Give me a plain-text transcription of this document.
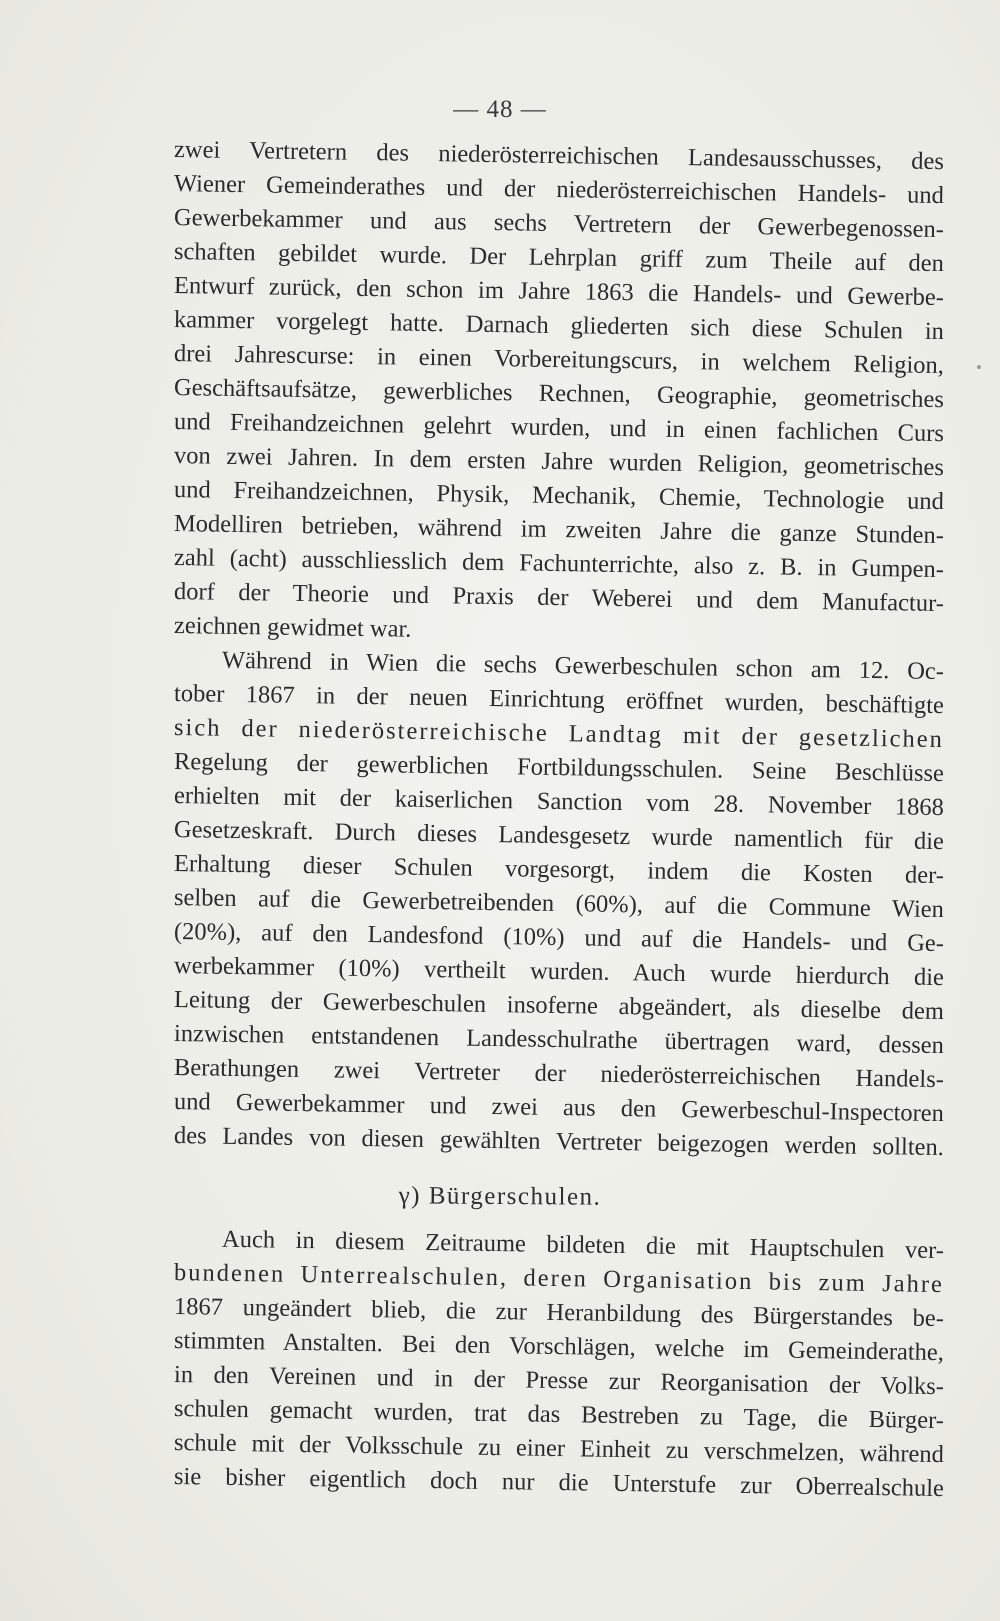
— 48 —
zwei Vertretern des niederösterreichischen Landesausschusses, des
Wiener Gemeinderathes und der niederösterreichischen Handels- und
Gewerbekammer und aus sechs Vertretern der Gewerbegenossen-
schaften gebildet wurde. Der Lehrplan griff zum Theile auf den
Entwurf zurück, den schon im Jahre 1863 die Handels- und Gewerbe-
kammer vorgelegt hatte. Darnach gliederten sich diese Schulen in
drei Jahrescurse: in einen Vorbereitungscurs, in welchem Religion,
Geschäftsaufsätze, gewerbliches Rechnen, Geographie, geometrisches
und Freihandzeichnen gelehrt wurden, und in einen fachlichen Curs
von zwei Jahren. In dem ersten Jahre wurden Religion, geometrisches
und Freihandzeichnen, Physik, Mechanik, Chemie, Technologie und
Modelliren betrieben, während im zweiten Jahre die ganze Stunden-
zahl (acht) ausschliesslich dem Fachunterrichte, also z. B. in Gumpen-
dorf der Theorie und Praxis der Weberei und dem Manufactur-
zeichnen gewidmet war.
Während in Wien die sechs Gewerbeschulen schon am 12. Oc-
tober 1867 in der neuen Einrichtung eröffnet wurden, beschäftigte
sich der niederösterreichische Landtag mit der gesetzlichen
Regelung der gewerblichen Fortbildungsschulen. Seine Beschlüsse
erhielten mit der kaiserlichen Sanction vom 28. November 1868
Gesetzeskraft. Durch dieses Landesgesetz wurde namentlich für die
Erhaltung dieser Schulen vorgesorgt, indem die Kosten der-
selben auf die Gewerbetreibenden (60%), auf die Commune Wien
(20%), auf den Landesfond (10%) und auf die Handels- und Ge-
werbekammer (10%) vertheilt wurden. Auch wurde hierdurch die
Leitung der Gewerbeschulen insoferne abgeändert, als dieselbe dem
inzwischen entstandenen Landesschulrathe übertragen ward, dessen
Berathungen zwei Vertreter der niederösterreichischen Handels-
und Gewerbekammer und zwei aus den Gewerbeschul-Inspectoren
des Landes von diesen gewählten Vertreter beigezogen werden sollten.
γ) Bürgerschulen.
Auch in diesem Zeitraume bildeten die mit Hauptschulen ver-
bundenen Unterrealschulen, deren Organisation bis zum Jahre
1867 ungeändert blieb, die zur Heranbildung des Bürgerstandes be-
stimmten Anstalten. Bei den Vorschlägen, welche im Gemeinderathe,
in den Vereinen und in der Presse zur Reorganisation der Volks-
schulen gemacht wurden, trat das Bestreben zu Tage, die Bürger-
schule mit der Volksschule zu einer Einheit zu verschmelzen, während
sie bisher eigentlich doch nur die Unterstufe zur Oberrealschule
